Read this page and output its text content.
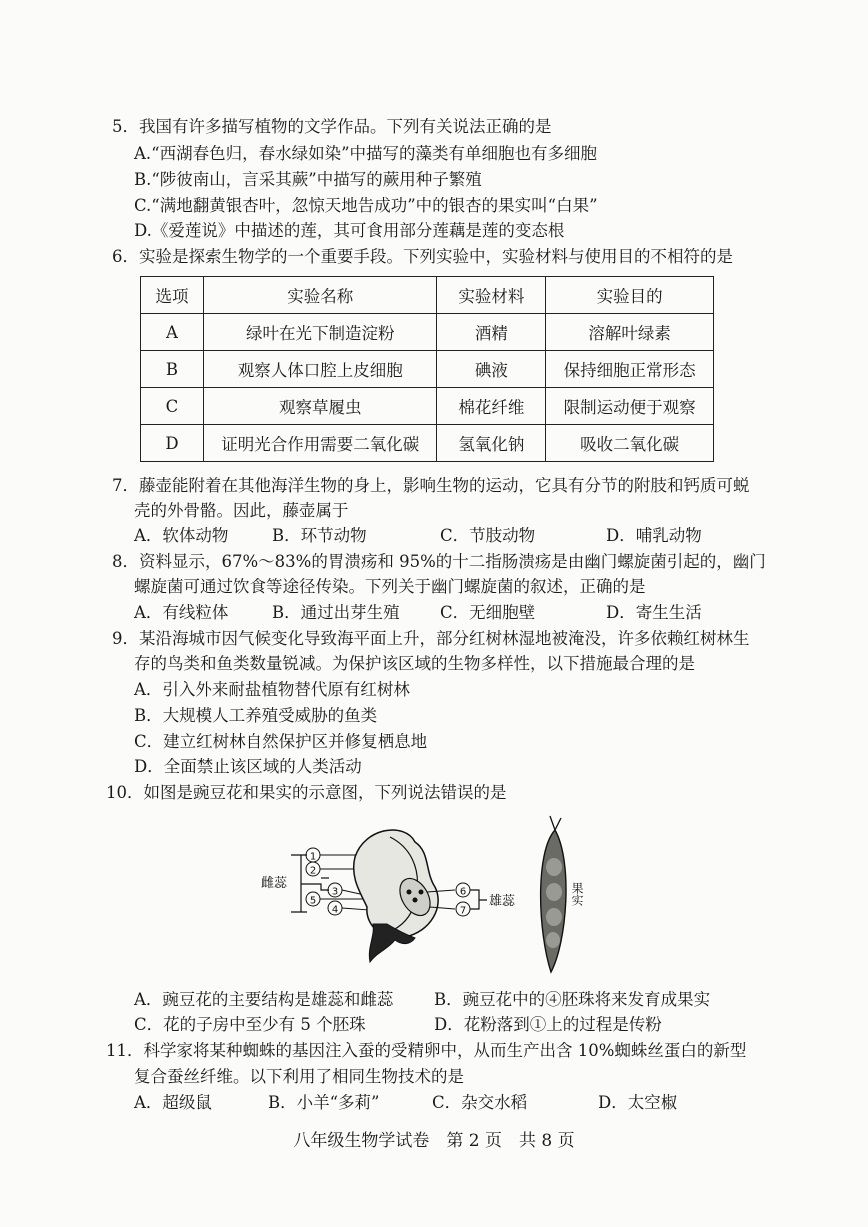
5．我国有许多描写植物的文学作品。下列有关说法正确的是
A.“西湖春色归，春水绿如染”中描写的藻类有单细胞也有多细胞
B.“陟彼南山，言采其蕨”中描写的蕨用种子繁殖
C.“满地翻黄银杏叶，忽惊天地告成功”中的银杏的果实叫“白果”
D.《爱莲说》中描述的莲，其可食用部分莲藕是莲的变态根
6．实验是探索生物学的一个重要手段。下列实验中，实验材料与使用目的不相符的是
选项	实验名称	实验材料	实验目的
A	绿叶在光下制造淀粉	酒精	溶解叶绿素
B	观察人体口腔上皮细胞	碘液	保持细胞正常形态
C	观察草履虫	棉花纤维	限制运动便于观察
D	证明光合作用需要二氧化碳	氢氧化钠	吸收二氧化碳
7．藤壶能附着在其他海洋生物的身上，影响生物的运动，它具有分节的附肢和钙质可蜕
壳的外骨骼。因此，藤壶属于
A．软体动物	B．环节动物	C．节肢动物	D．哺乳动物
8．资料显示，67%～83%的胃溃疡和 95%的十二指肠溃疡是由幽门螺旋菌引起的，幽门
螺旋菌可通过饮食等途径传染。下列关于幽门螺旋菌的叙述，正确的是
A．有线粒体	B．通过出芽生殖 C．无细胞壁	D．寄生生活
9．某沿海城市因气候变化导致海平面上升，部分红树林湿地被淹没，许多依赖红树林生
存的鸟类和鱼类数量锐减。为保护该区域的生物多样性，以下措施最合理的是
A．引入外来耐盐植物替代原有红树林
B．大规模人工养殖受威胁的鱼类
C．建立红树林自然保护区并修复栖息地
D．全面禁止该区域的人类活动
10．如图是豌豆花和果实的示意图，下列说法错误的是
雌蕊
1
2
3
5
4
6
7
雄蕊	果实
A．豌豆花的主要结构是雄蕊和雌蕊 B．豌豆花中的④胚珠将来发育成果实
C．花的子房中至少有 5 个胚珠	D．花粉落到①上的过程是传粉
11．科学家将某种蜘蛛的基因注入蚕的受精卵中，从而生产出含 10%蜘蛛丝蛋白的新型
复合蚕丝纤维。以下利用了相同生物技术的是
A．超级鼠	B．小羊“多莉”	C．杂交水稻	D．太空椒
八年级生物学试卷　第 2 页　共 8 页
